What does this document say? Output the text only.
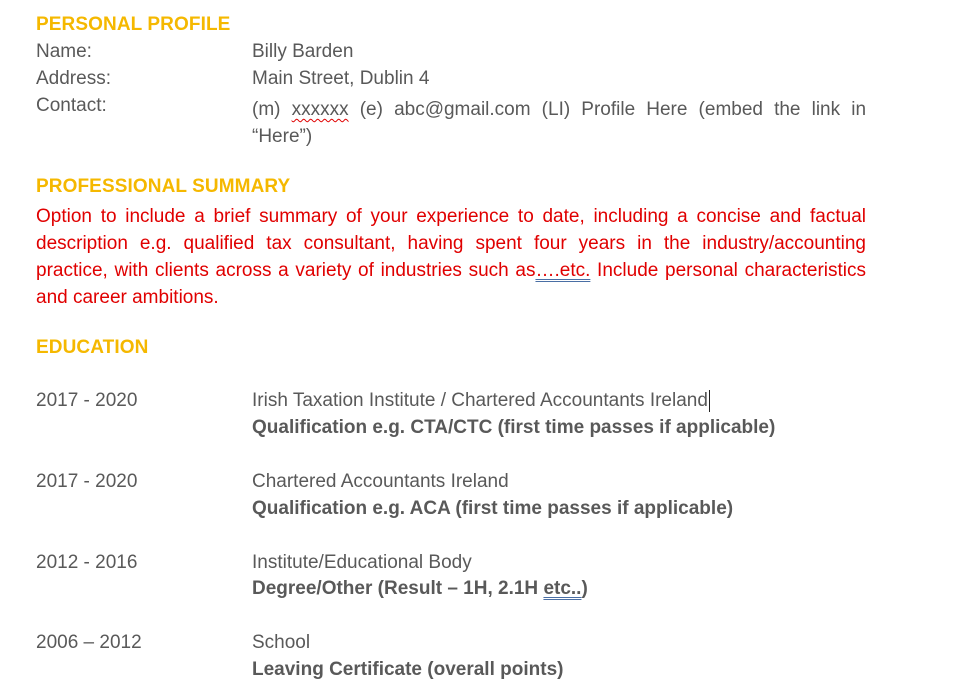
PERSONAL PROFILE
Name:	Billy Barden
Address:	Main Street, Dublin 4
Contact:	(m) xxxxxx (e) abc@gmail.com (LI) Profile Here (embed the link in “Here”)
PROFESSIONAL SUMMARY
Option to include a brief summary of your experience to date, including a concise and factual description e.g. qualified tax consultant, having spent four years in the industry/accounting practice, with clients across a variety of industries such as….etc. Include personal characteristics and career ambitions.
EDUCATION
2017 - 2020	Irish Taxation Institute / Chartered Accountants Ireland
Qualification e.g. CTA/CTC (first time passes if applicable)
2017 - 2020	Chartered Accountants Ireland
Qualification e.g. ACA (first time passes if applicable)
2012 - 2016	Institute/Educational Body
Degree/Other (Result – 1H, 2.1H etc..)
2006 – 2012	School
Leaving Certificate (overall points)
